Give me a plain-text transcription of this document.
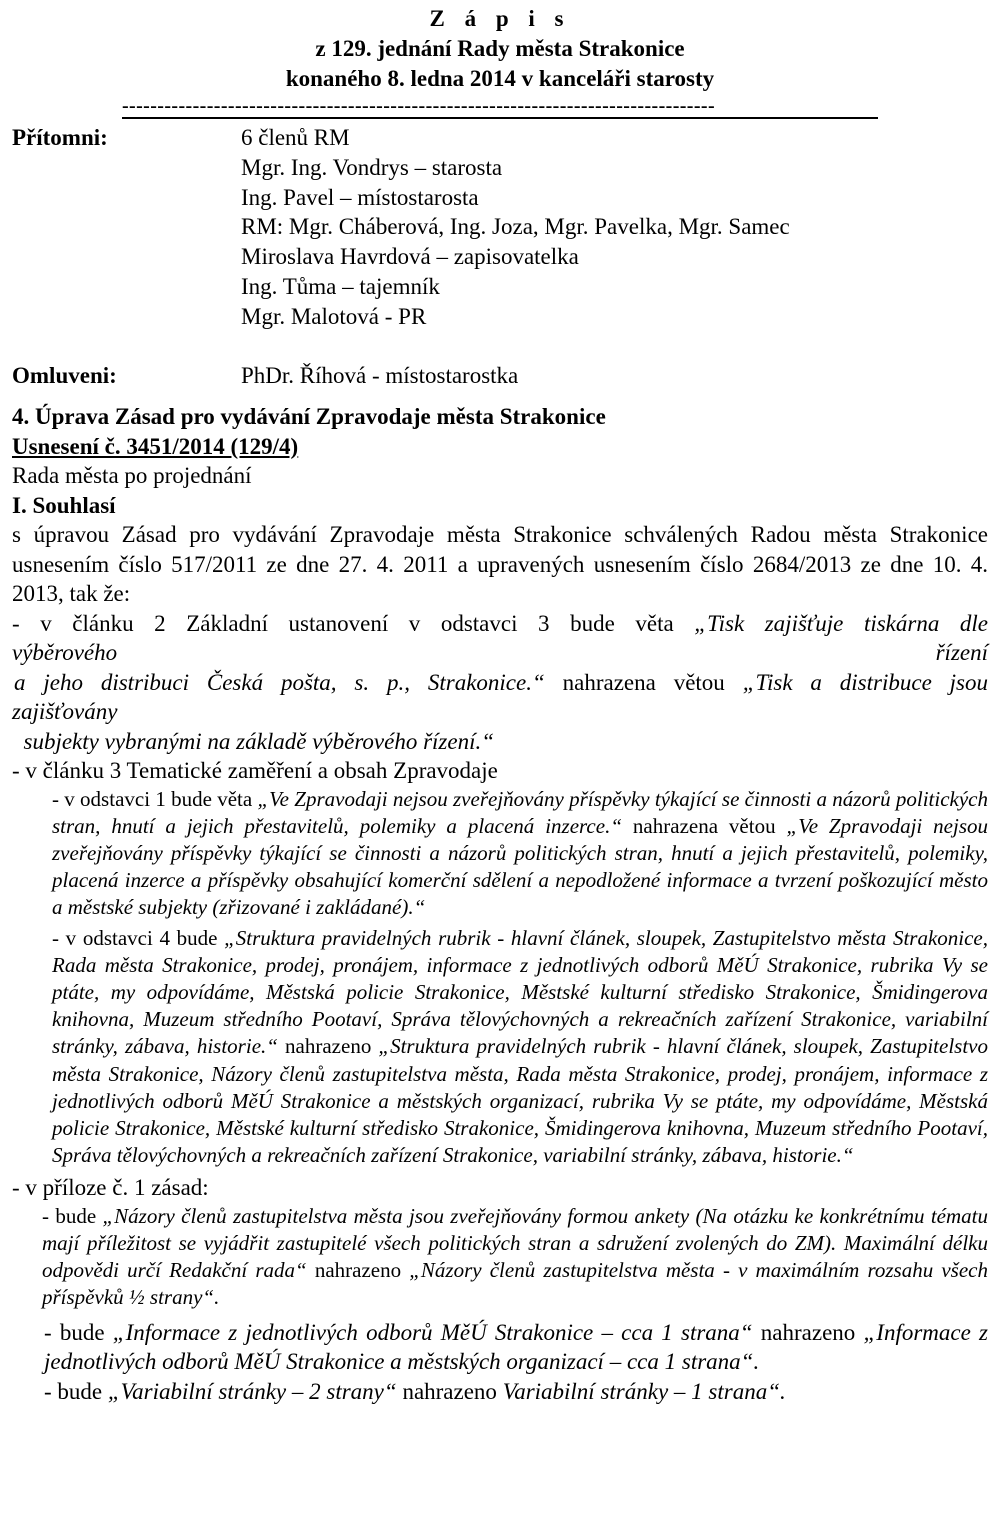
Z á p i s
z 129. jednání Rady města Strakonice
konaného 8. ledna 2014 v kanceláři starosty
------------------------------------------------------------------------------------
Přítomni:	6 členů RM
Mgr. Ing. Vondrys – starosta
Ing. Pavel – místostarosta
RM: Mgr. Cháberová, Ing. Joza, Mgr. Pavelka, Mgr. Samec
Miroslava Havrdová – zapisovatelka
Ing. Tůma – tajemník
Mgr. Malotová - PR
Omluveni:	PhDr. Říhová - místostarostka
4. Úprava Zásad pro vydávání Zpravodaje města Strakonice
Usnesení č. 3451/2014 (129/4)
Rada města po projednání
I. Souhlasí
s úpravou Zásad pro vydávání Zpravodaje města Strakonice schválených Radou města Strakonice usnesením číslo 517/2011 ze dne 27. 4. 2011 a upravených usnesením číslo 2684/2013 ze dne 10. 4. 2013, tak že:
- v článku 2 Základní ustanovení v odstavci 3 bude věta „Tisk zajišťuje tiskárna dle
výběrového	řízení
a jeho distribuci Česká pošta, s. p., Strakonice.“ nahrazena větou „Tisk a distribuce jsou
zajišťovány
subjekty vybranými na základě výběrového řízení.“
- v článku 3 Tematické zaměření a obsah Zpravodaje
- v odstavci 1 bude věta „Ve Zpravodaji nejsou zveřejňovány příspěvky týkající se činnosti a názorů politických stran, hnutí a jejich přestavitelů, polemiky a placená inzerce.“ nahrazena větou „Ve Zpravodaji nejsou zveřejňovány příspěvky týkající se činnosti a názorů politických stran, hnutí a jejich přestavitelů, polemiky, placená inzerce a příspěvky obsahující komerční sdělení a nepodložené informace a tvrzení poškozující město a městské subjekty (zřizované i zakládané).“
- v odstavci 4 bude „Struktura pravidelných rubrik - hlavní článek, sloupek, Zastupitelstvo města Strakonice, Rada města Strakonice, prodej, pronájem, informace z jednotlivých odborů MěÚ Strakonice, rubrika Vy se ptáte, my odpovídáme, Městská policie Strakonice, Městské kulturní středisko Strakonice, Šmidingerova knihovna, Muzeum středního Pootaví, Správa tělovýchovných a rekreačních zařízení Strakonice, variabilní stránky, zábava, historie.“ nahrazeno „Struktura pravidelných rubrik - hlavní článek, sloupek, Zastupitelstvo města Strakonice, Názory členů zastupitelstva města, Rada města Strakonice, prodej, pronájem, informace z jednotlivých odborů MěÚ Strakonice a městských organizací, rubrika Vy se ptáte, my odpovídáme, Městská policie Strakonice, Městské kulturní středisko Strakonice, Šmidingerova knihovna, Muzeum středního Pootaví, Správa tělovýchovných a rekreačních zařízení Strakonice, variabilní stránky, zábava, historie.“
- v příloze č. 1 zásad:
- bude „Názory členů zastupitelstva města jsou zveřejňovány formou ankety (Na otázku ke konkrétnímu tématu mají příležitost se vyjádřit zastupitelé všech politických stran a sdružení zvolených do ZM). Maximální délku odpovědi určí Redakční rada“ nahrazeno „Názory členů zastupitelstva města - v maximálním rozsahu všech příspěvků ½ strany“.
- bude „Informace z jednotlivých odborů MěÚ Strakonice – cca 1 strana“ nahrazeno „Informace z jednotlivých odborů MěÚ Strakonice a městských organizací – cca 1 strana“.
- bude „Variabilní stránky – 2 strany“ nahrazeno Variabilní stránky – 1 strana“.
